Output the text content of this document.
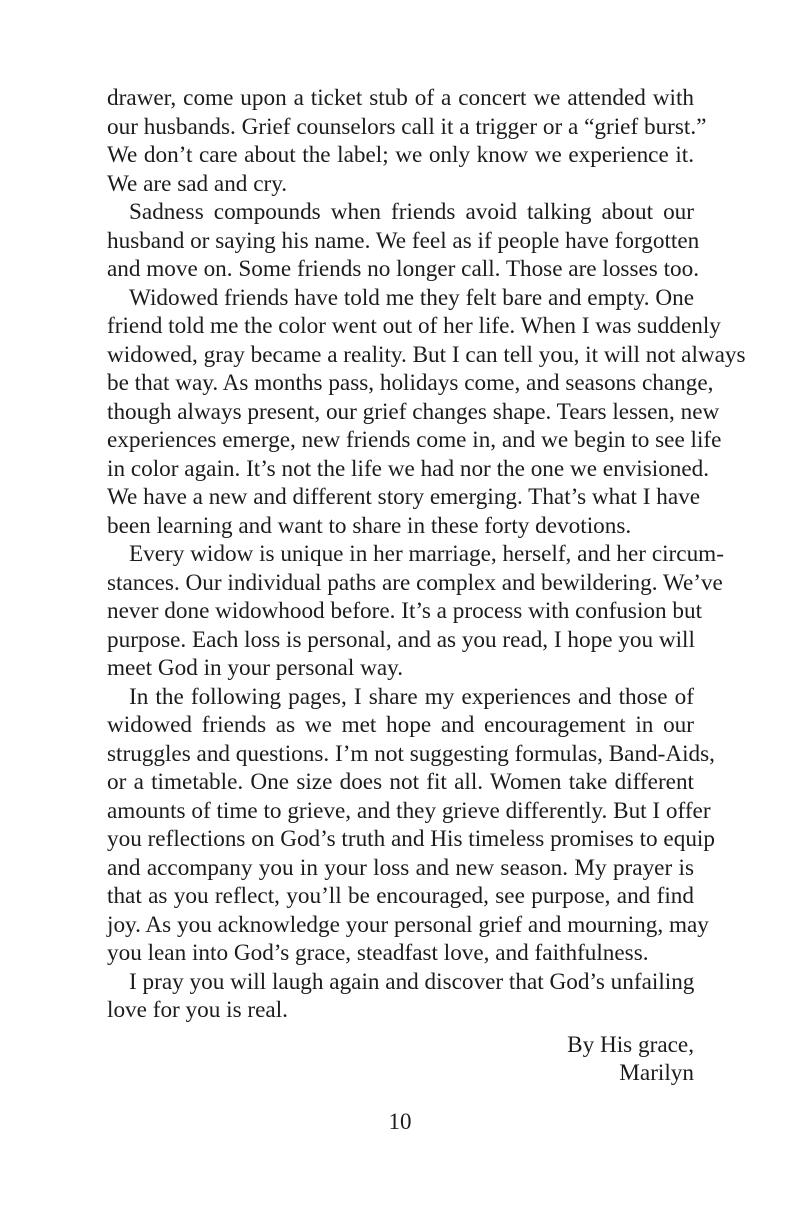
drawer, come upon a ticket stub of a concert we attended with
our husbands. Grief counselors call it a trigger or a “grief burst.”
We don’t care about the label; we only know we experience it.
We are sad and cry.

Sadness compounds when friends avoid talking about our
husband or saying his name. We feel as if people have forgotten
and move on. Some friends no longer call. Those are losses too.

Widowed friends have told me they felt bare and empty. One
friend told me the color went out of her life. When I was suddenly
widowed, gray became a reality. But I can tell you, it will not always
be that way. As months pass, holidays come, and seasons change,
though always present, our grief changes shape. Tears lessen, new
experiences emerge, new friends come in, and we begin to see life
in color again. It’s not the life we had nor the one we envisioned.
We have a new and different story emerging. That’s what I have
been learning and want to share in these forty devotions.

Every widow is unique in her marriage, herself, and her circum-
stances. Our individual paths are complex and bewildering. We’ve
never done widowhood before. It’s a process with confusion but
purpose. Each loss is personal, and as you read, I hope you will
meet God in your personal way.

In the following pages, I share my experiences and those of
widowed friends as we met hope and encouragement in our
struggles and questions. I’m not suggesting formulas, Band-Aids,
or a timetable. One size does not fit all. Women take different
amounts of time to grieve, and they grieve differently. But I offer
you reflections on God’s truth and His timeless promises to equip
and accompany you in your loss and new season. My prayer is
that as you reflect, you’ll be encouraged, see purpose, and find
joy. As you acknowledge your personal grief and mourning, may
you lean into God’s grace, steadfast love, and faithfulness.

I pray you will laugh again and discover that God’s unfailing
love for you is real.

By His grace,
Marilyn
10
